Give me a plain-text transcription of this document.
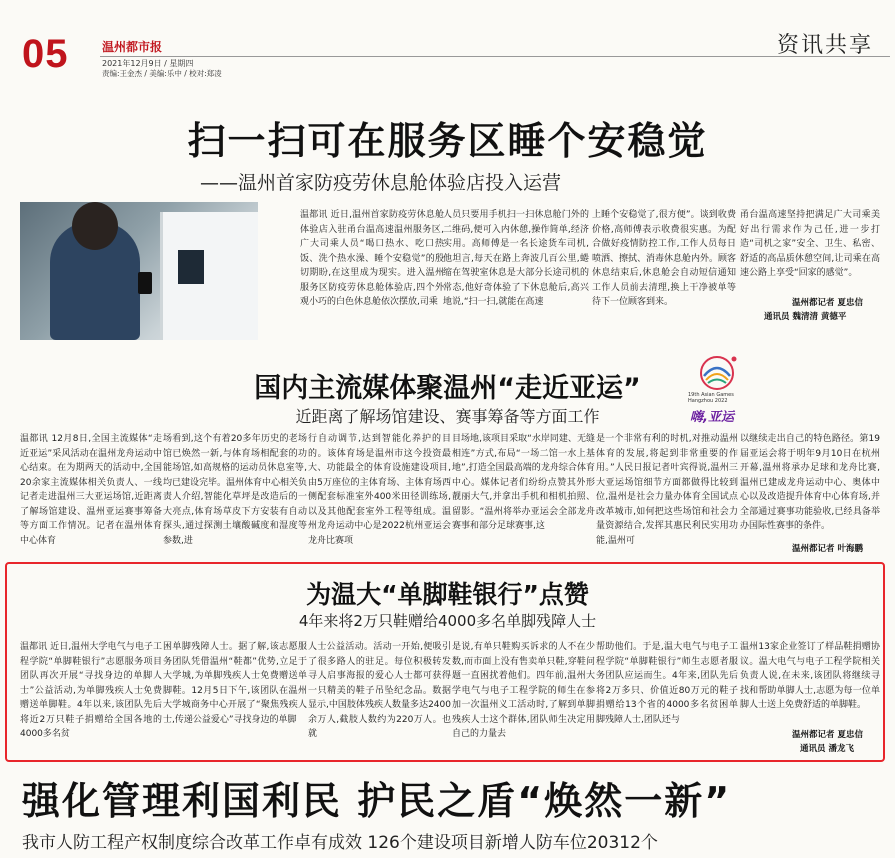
05	温州都市报
2021年12月9日 / 星期四
责编:王金杰 / 美编:乐中 / 校对:郑凌
资讯共享
扫一扫可在服务区睡个安稳觉
——温州首家防疫劳休息舱体验店投入运营
温都讯 近日,温州首家防疫劳休息舱体验店入驻甬台温高速温州服务区,广大司乘人员“喝口热水、吃口热饭、洗个热水澡、睡个安稳觉”的殷切期盼,在这里成为现实。进入温州服务区防疫劳休息舱体验店,四个外观小巧的白色休息舱依次摆放,司乘
人员只要用手机扫一扫休息舱门外的二维码,便可入内休憩,操作简单,经济实用。高师傅是一名长途货车司机,他坦言,每天在路上奔波几百公里,蜷缩在驾驶室休息是大部分长途司机的常态,他好奇体验了下休息舱后,高兴地说,“扫一扫,就能在高速
上睡个安稳觉了,很方便”。谈到收费价格,高师傅表示收费很实惠。为配合做好疫情防控工作,工作人员每日喷洒、擦拭、消毒休息舱内外。顾客休息结束后,休息舱会自动短信通知工作人员前去清理,换上干净被单等待下一位顾客到来。
甬台温高速坚持把满足广大司乘美好出行需求作为己任,进一步打造“司机之家”安全、卫生、私密、舒适的高品质休憩空间,让司乘在高速公路上享受“回家的感觉”。
温州都记者 夏忠信
通讯员 魏清清 黄德平
国内主流媒体聚温州“走近亚运”
近距离了解场馆建设、赛事筹备等方面工作
19th Asian Games
Hangzhou 2022
嗨,亚运
温都讯 12月8日,全国主流媒体“走近亚运”采风活动在温州龙舟运动中心结束。在为期两天的活动中,全国20余家主流媒体相关负责人、一线记者走进温州三大亚运场馆,近距离了解场馆建设、温州亚运赛事筹备等方面工作情况。记者在温州体育中心体育
场看到,这个有着20多年历史的老场馆已焕然一新,与体育场相配套的功能场馆,如高规格的运动员休息室等,均已建设完毕。温州体育中心相关负责人介绍,智能化草坪是改造后的一大亮点,体育场草皮下方安装有自动探头,通过探测土壤酸碱度和湿度等参数,进
行自动调节,达到智能化养护的目的。该体育场是温州市这今投资最大、功能最全的体育设施建设项目,由5万座位的主体育场、主体育场西侧配套标准室外400米田径训练场,以及其他配套室外工程等组成。温州龙舟运动中心是2022杭州亚运会龙舟比赛项
目场地,该项目采取“水岸同建、无缝相连”方式,布局“一场二馆一水上基地”,打造全国最高端的龙舟综合体育中心。媒体记者们纷纷点赞其外形靓丽大气,并拿出手机和相机拍照、留影。“温州将举办亚运会全部龙舟赛事和部分足球赛事,这
是一个非常有利的时机,对推动温州体育的发展,将起到非常重要的作用。”人民日报记者叶宾得说,温州三大亚运场馆细节方面都做得比较到位,温州是社会力量办体育全国试点改革城市,如何把这些场馆和社会力量资源结合,发挥其惠民利民实用功能,温州可
以继续走出自己的特色路径。第19届亚运会将于明年9月10日在杭州开幕,温州将承办足球和龙舟比赛,温州已建成龙舟运动中心、奥体中心以及改造提升体育中心体育场,并全部通过赛事功能验收,已经具备举办国际性赛事的条件。
温州都记者 叶海鹏
为温大“单脚鞋银行”点赞
4年来将2万只鞋赠给4000多名单脚残障人士
温都讯 近日,温州大学电气与电子工程学院“单脚鞋银行”志愿服务项目团队再次开展“寻找身边的单脚人士”公益活动,为单脚残疾人士免费赠送单脚鞋。4年以来,该团队先后将近2万只鞋子捐赠给全国各地的4000多名贫
困单脚残障人士。据了解,该志愿服务团队凭借温州“鞋都”优势,立足于大学城,为单脚残疾人士免费赠送单脚鞋。12月5日下午,该团队在温州大学城商务中心开展了“聚焦残疾人士,传递公益爱心”寻找身边的单脚
人士公益活动。活动一开始,便吸引了很多路人的驻足。每位积极转发寻人启事海报的爱心人士都可获得一只精美的鞋子吊坠纪念品。数据显示,中国肢体残疾人数量多达2400余万人,截肢人数约为220万人。也就
是说,有单只鞋购买诉求的人不在少数,而市面上没有售卖单只鞋,穿鞋问题一直困扰着他们。四年前,温州大学电气与电子工程学院的师生在参加一次温州义工活动时,了解到单脚残疾人士这个群体,团队师生决定用自己的力量去
帮助他们。于是,温大电气与电子工程学院“单脚鞋银行”师生志愿者服务团队应运而生。4年来,团队先后将2万多只、价值近80万元的鞋子捐赠给13个省的4000多名贫困单脚残障人士,团队还与
温州13家企业签订了样品鞋捐赠协议。温大电气与电子工程学院相关负责人说,在未来,该团队将继续寻找和帮助单脚人士,志愿为每一位单脚人士送上免费舒适的单脚鞋。
温州都记者 夏忠信
通讯员 潘龙飞
强化管理利国利民 护民之盾“焕然一新”
我市人防工程产权制度综合改革工作卓有成效 126个建设项目新增人防车位20312个
